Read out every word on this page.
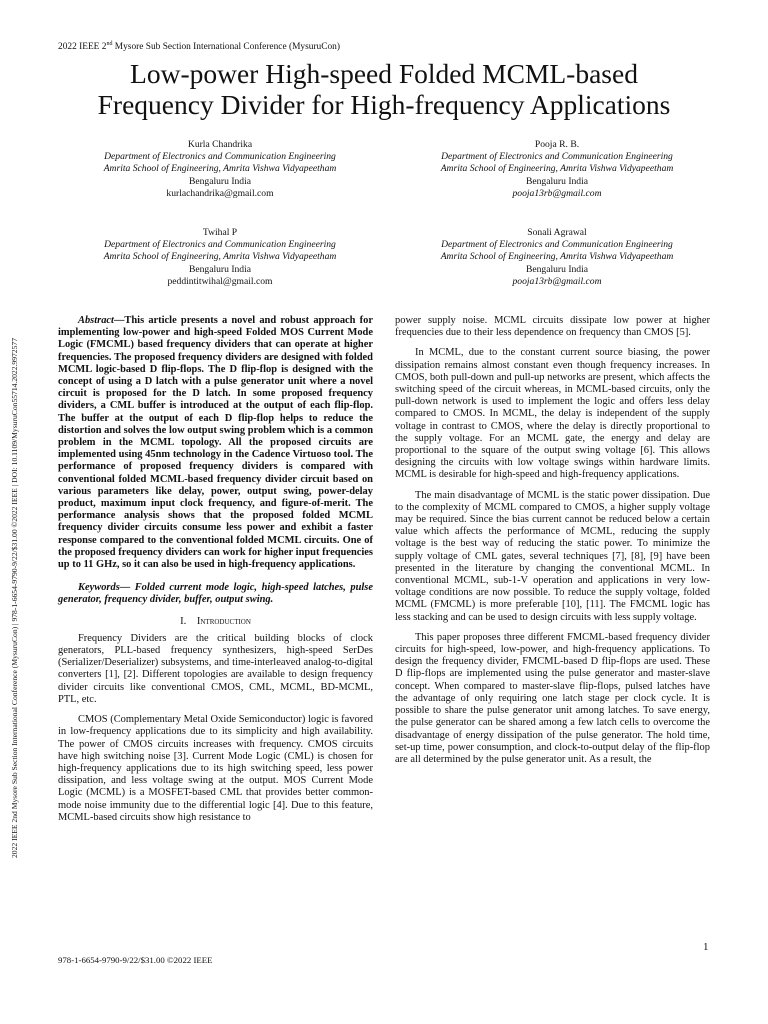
2022 IEEE 2nd Mysore Sub Section International Conference (MysuruCon)
Low-power High-speed Folded MCML-based
Frequency Divider for High-frequency Applications
Kurla Chandrika
Department of Electronics and Communication Engineering
Amrita School of Engineering, Amrita Vishwa Vidyapeetham
Bengaluru India
kurlachandrika@gmail.com
Pooja R. B.
Department of Electronics and Communication Engineering
Amrita School of Engineering, Amrita Vishwa Vidyapeetham
Bengaluru India
pooja13rb@gmail.com
Twihal P
Department of Electronics and Communication Engineering
Amrita School of Engineering, Amrita Vishwa Vidyapeetham
Bengaluru India
peddintitwihal@gmail.com
Sonali Agrawal
Department of Electronics and Communication Engineering
Amrita School of Engineering, Amrita Vishwa Vidyapeetham
Bengaluru India
pooja13rb@gmail.com

Abstract—This article presents a novel and robust approach for implementing low-power and high-speed Folded MOS Current Mode Logic (FMCML) based frequency dividers that can operate at higher frequencies. The proposed frequency dividers are designed with folded MCML logic-based D flip-flops. The D flip-flop is designed with the concept of using a D latch with a pulse generator unit where a novel circuit is proposed for the D latch. In some proposed frequency dividers, a CML buffer is introduced at the output of each flip-flop. The buffer at the output of each D flip-flop helps to reduce the distortion and solves the low output swing problem which is a common problem in the MCML topology. All the proposed circuits are implemented using 45nm technology in the Cadence Virtuoso tool. The performance of proposed frequency dividers is compared with conventional folded MCML-based frequency divider circuit based on various parameters like delay, power, output swing, power-delay product, maximum input clock frequency, and figure-of-merit. The performance analysis shows that the proposed folded MCML frequency divider circuits consume less power and exhibit a faster response compared to the conventional folded MCML circuits. One of the proposed frequency dividers can work for higher input frequencies up to 11 GHz, so it can also be used in high-frequency applications.

Keywords— Folded current mode logic, high-speed latches, pulse generator, frequency divider, buffer, output swing.

I. Introduction

Frequency Dividers are the critical building blocks of clock generators, PLL-based frequency synthesizers, high-speed SerDes (Serializer/Deserializer) subsystems, and time-interleaved analog-to-digital converters [1], [2]. Different topologies are available to design frequency divider circuits like conventional CMOS, CML, MCML, BD-MCML, PTL, etc.

CMOS (Complementary Metal Oxide Semiconductor) logic is favored in low-frequency applications due to its simplicity and high availability. The power of CMOS circuits increases with frequency. CMOS circuits have high switching noise [3]. Current Mode Logic (CML) is chosen for high-frequency applications due to its high switching speed, less power dissipation, and less voltage swing at the output. MOS Current Mode Logic (MCML) is a MOSFET-based CML that provides better common-mode noise immunity due to the differential logic [4]. Due to this feature, MCML-based circuits show high resistance to

power supply noise. MCML circuits dissipate low power at higher frequencies due to their less dependence on frequency than CMOS [5].

In MCML, due to the constant current source biasing, the power dissipation remains almost constant even though frequency increases. In CMOS, both pull-down and pull-up networks are present, which affects the switching speed of the circuit whereas, in MCML-based circuits, only the pull-down network is used to implement the logic and offers less delay compared to CMOS. In MCML, the delay is independent of the supply voltage in contrast to CMOS, where the delay is directly proportional to the supply voltage. For an MCML gate, the energy and delay are proportional to the square of the output swing voltage [6]. This allows designing the circuits with low voltage swings within hardware limits. MCML is desirable for high-speed and high-frequency applications.

The main disadvantage of MCML is the static power dissipation. Due to the complexity of MCML compared to CMOS, a higher supply voltage may be required. Since the bias current cannot be reduced below a certain value which affects the performance of MCML, reducing the supply voltage is the best way of reducing the static power. To minimize the supply voltage of CML gates, several techniques [7], [8], [9] have been presented in the literature by changing the conventional MCML. In conventional MCML, sub-1-V operation and applications in very low-voltage conditions are now possible. To reduce the supply voltage, folded MCML (FMCML) is more preferable [10], [11]. The FMCML logic has less stacking and can be used to design circuits with less supply voltage.

This paper proposes three different FMCML-based frequency divider circuits for high-speed, low-power, and high-frequency applications. To design the frequency divider, FMCML-based D flip-flops are used. These D flip-flops are implemented using the pulse generator and master-slave concept. When compared to master-slave flip-flops, pulsed latches have the advantage of only requiring one latch stage per clock cycle. It is possible to share the pulse generator unit among latches. To save energy, the pulse generator can be shared among a few latch cells to overcome the disadvantage of energy dissipation of the pulse generator. The hold time, set-up time, power consumption, and clock-to-output delay of the flip-flop are all determined by the pulse generator unit. As a result, the

2022 IEEE 2nd Mysore Sub Section International Conference (MysuruCon) | 978-1-6654-9790-9/22/$31.00 ©2022 IEEE | DOI: 10.1109/MysuruCon55714.2022.9972577
1
978-1-6654-9790-9/22/$31.00 ©2022 IEEE
